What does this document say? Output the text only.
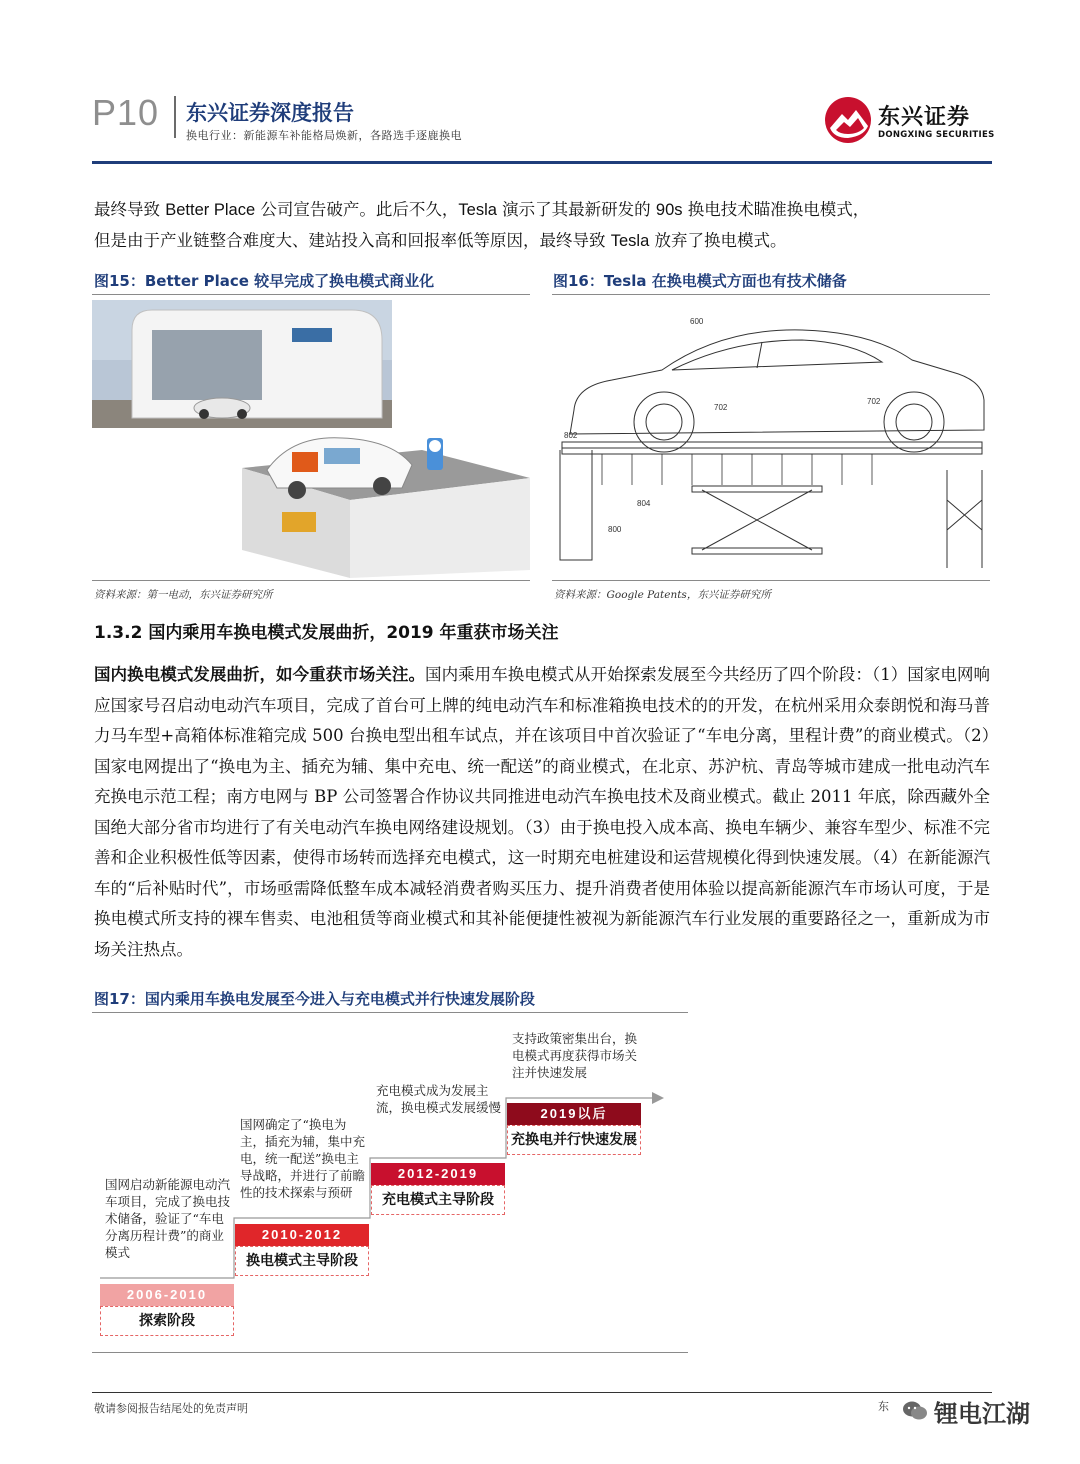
P10 东兴证券深度报告
换电行业：新能源车补能格局焕新，各路选手逐鹿换电
东兴证券
DONGXING SECURITIES
最终导致 Better Place 公司宣告破产。此后不久，Tesla 演示了其最新研发的 90s 换电技术瞄准换电模式，
但是由于产业链整合难度大、建站投入高和回报率低等原因，最终导致 Tesla 放弃了换电模式。
图15：Better Place 较早完成了换电模式商业化
资料来源：第一电动，东兴证券研究所
图16：Tesla 在换电模式方面也有技术储备
600
702
702
802
804
800
资料来源：Google Patents，东兴证券研究所
1.3.2 国内乘用车换电模式发展曲折，2019 年重获市场关注
国内换电模式发展曲折，如今重获市场关注。国内乘用车换电模式从开始探索发展至今共经历了四个阶段：（1）国家电网响应国家号召启动电动汽车项目，完成了首台可上牌的纯电动汽车和标准箱换电技术的的开发，在杭州采用众泰朗悦和海马普力马车型+高箱体标准箱完成 500 台换电型出租车试点，并在该项目中首次验证了“车电分离，里程计费”的商业模式。（2）国家电网提出了“换电为主、插充为辅、集中充电、统一配送”的商业模式，在北京、苏沪杭、青岛等城市建成一批电动汽车充换电示范工程；南方电网与 BP 公司签署合作协议共同推进电动汽车换电技术及商业模式。截止 2011 年底，除西藏外全国绝大部分省市均进行了有关电动汽车换电网络建设规划。（3）由于换电投入成本高、换电车辆少、兼容车型少、标准不完善和企业积极性低等因素，使得市场转而选择充电模式，这一时期充电桩建设和运营规模化得到快速发展。（4）在新能源汽车的“后补贴时代”，市场亟需降低整车成本减轻消费者购买压力、提升消费者使用体验以提高新能源汽车市场认可度，于是换电模式所支持的裸车售卖、电池租赁等商业模式和其补能便捷性被视为新能源汽车行业发展的重要路径之一，重新成为市场关注热点。
图17：国内乘用车换电发展至今进入与充电模式并行快速发展阶段
国网启动新能源电动汽车项目，完成了换电技术储备，验证了“车电分离历程计费”的商业模式
2006-2010
探索阶段
国网确定了“换电为主，插充为辅，集中充电，统一配送”换电主导战略，并进行了前瞻性的技术探索与预研
2010-2012
换电模式主导阶段
充电模式成为发展主流，换电模式发展缓慢
2012-2019
充电模式主导阶段
支持政策密集出台，换电模式再度获得市场关注并快速发展
2019以后
充换电并行快速发展
敬请参阅报告结尾处的免责声明	东 锂电江湖
